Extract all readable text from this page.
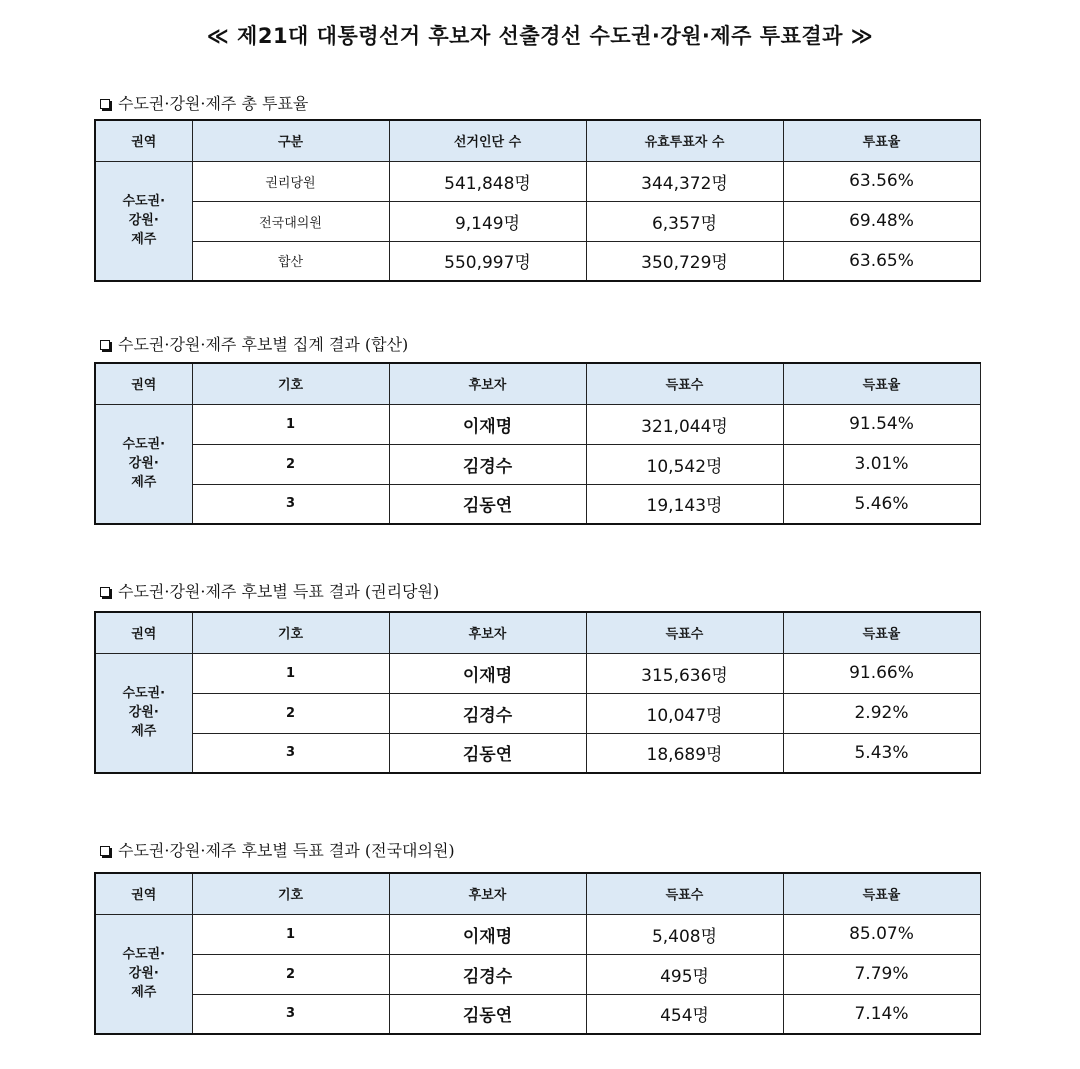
≪ 제21대 대통령선거 후보자 선출경선 수도권·강원·제주 투표결과 ≫
수도권·강원·제주 총 투표율
권역	구분	선거인단 수	유효투표자 수	투표율

수도권·
강원·
제주	권리당원	541,848명	344,372명	63.56%
	전국대의원	9,149명	6,357명	69.48%
	합산	550,997명	350,729명	63.65%
수도권·강원·제주 후보별 집계 결과 (합산)
권역	기호	후보자	득표수	득표율

수도권·
강원·
제주	1	이재명	321,044명	91.54%
	2	김경수	10,542명	3.01%
	3	김동연	19,143명	5.46%
수도권·강원·제주 후보별 득표 결과 (권리당원)
권역	기호	후보자	득표수	득표율

수도권·
강원·
제주	1	이재명	315,636명	91.66%
	2	김경수	10,047명	2.92%
	3	김동연	18,689명	5.43%
수도권·강원·제주 후보별 득표 결과 (전국대의원)
권역	기호	후보자	득표수	득표율

수도권·
강원·
제주	1	이재명	5,408명	85.07%
	2	김경수	495명	7.79%
	3	김동연	454명	7.14%
